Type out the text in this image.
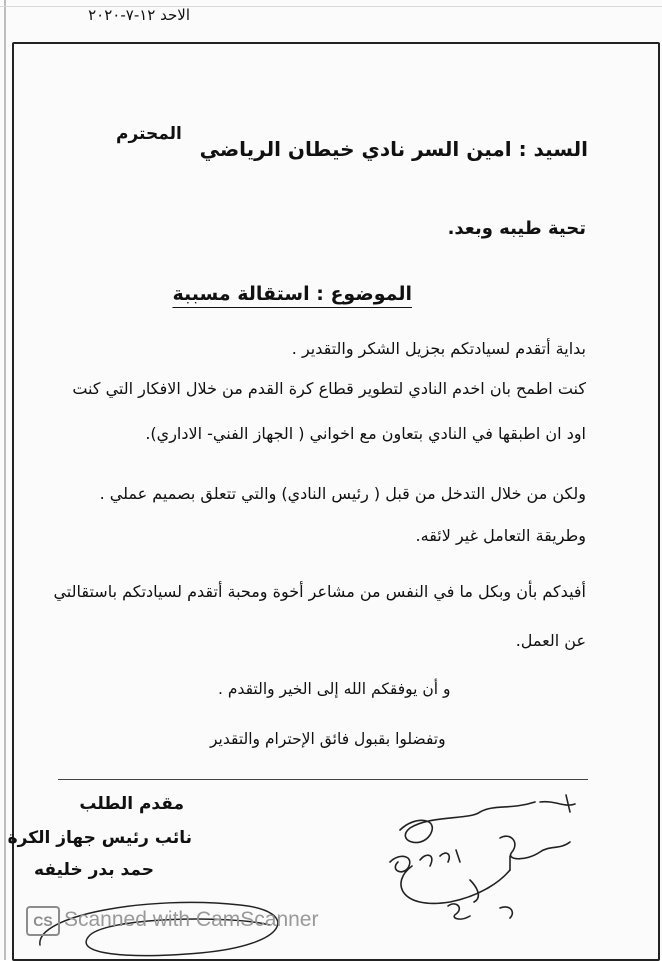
الاحد ١٢-٧-٢٠٢٠
السيد : امين السر نادي خيطان الرياضي
المحترم
تحية طيبه وبعد.
الموضوع : استقالة مسببة
بداية أتقدم لسيادتكم بجزيل الشكر والتقدير .
كنت اطمح بان اخدم النادي لتطوير قطاع كرة القدم من خلال الافكار التي كنت
اود ان اطبقها في النادي بتعاون مع اخواني ( الجهاز الفني- الاداري).
ولكن من خلال التدخل من قبل ( رئيس النادي) والتي تتعلق بصميم عملي .
وطريقة التعامل غير لائقه.
أفيدكم بأن وبكل ما في النفس من مشاعر أخوة ومحبة أتقدم لسيادتكم باستقالتي
عن العمل.
و أن يوفقكم الله إلى الخير والتقدم .
وتفضلوا بقبول فائق الإحترام والتقدير
مقدم الطلب
نائب رئيس جهاز الكرة
حمد بدر خليفه
CS Scanned with CamScanner
